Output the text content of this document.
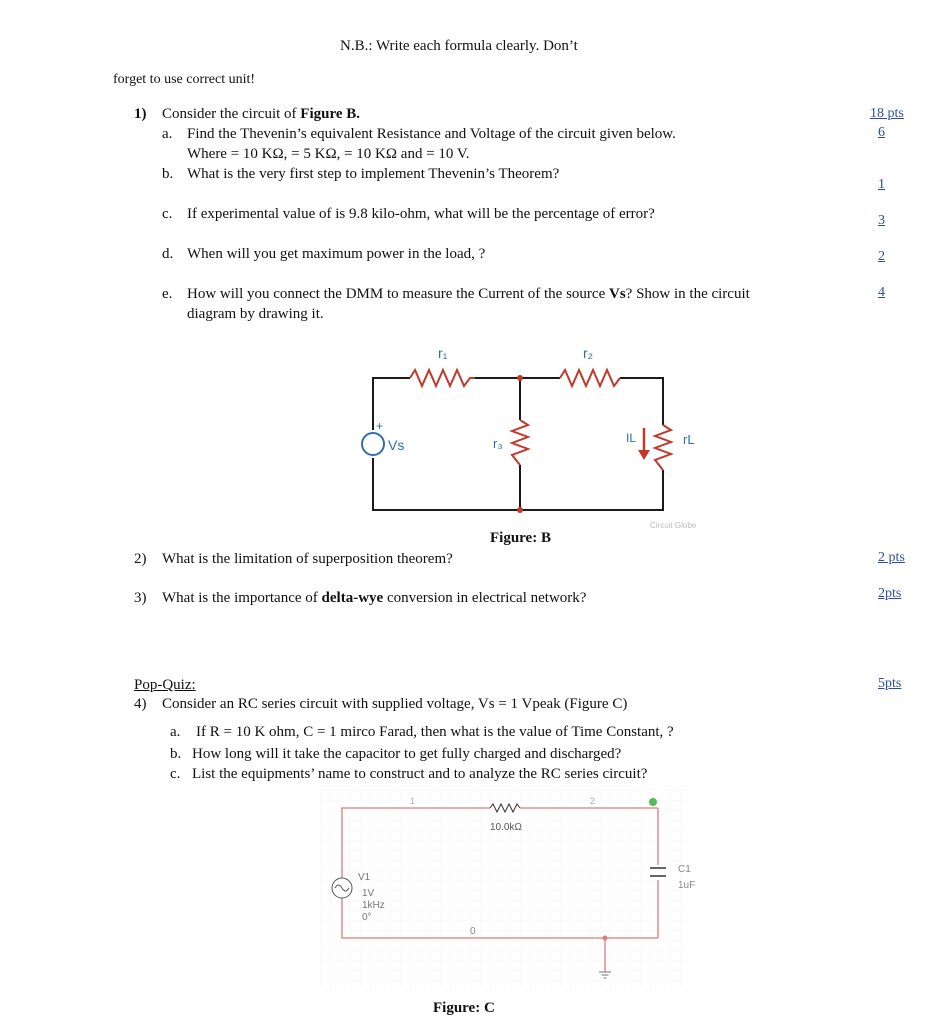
N.B.: Write each formula clearly. Don’t
forget to use correct unit!
1) Consider the circuit of Figure B.	18 pts
a. Find the Thevenin’s equivalent Resistance and Voltage of the circuit given below.
Where = 10 KΩ, = 5 KΩ, = 10 KΩ and = 10 V.
6
b. What is the very first step to implement Thevenin’s Theorem?
1
c. If experimental value of is 9.8 kilo-ohm, what will be the percentage of error?	3
d. When will you get maximum power in the load, ?	2
e. How will you connect the DMM to measure the Current of the source Vs? Show in the circuit
diagram by drawing it.
4
+
Vs
r₁	r₂
r₃	rL
IL
Circuit Globe
Figure: B
2) What is the limitation of superposition theorem?	2 pts
3) What is the importance of delta-wye conversion in electrical network?	2pts
Pop-Quiz:	5pts
4) Consider an RC series circuit with supplied voltage, Vs = 1 Vpeak (Figure C)
a. If R = 10 K ohm, C = 1 mirco Farad, then what is the value of Time Constant, ?
b. How long will it take the capacitor to get fully charged and discharged?
c. List the equipments’ name to construct and to analyze the RC series circuit?
10.0kΩ
C1
1uF
V1
1V
1kHz
0°
1	2
0
Figure: C
